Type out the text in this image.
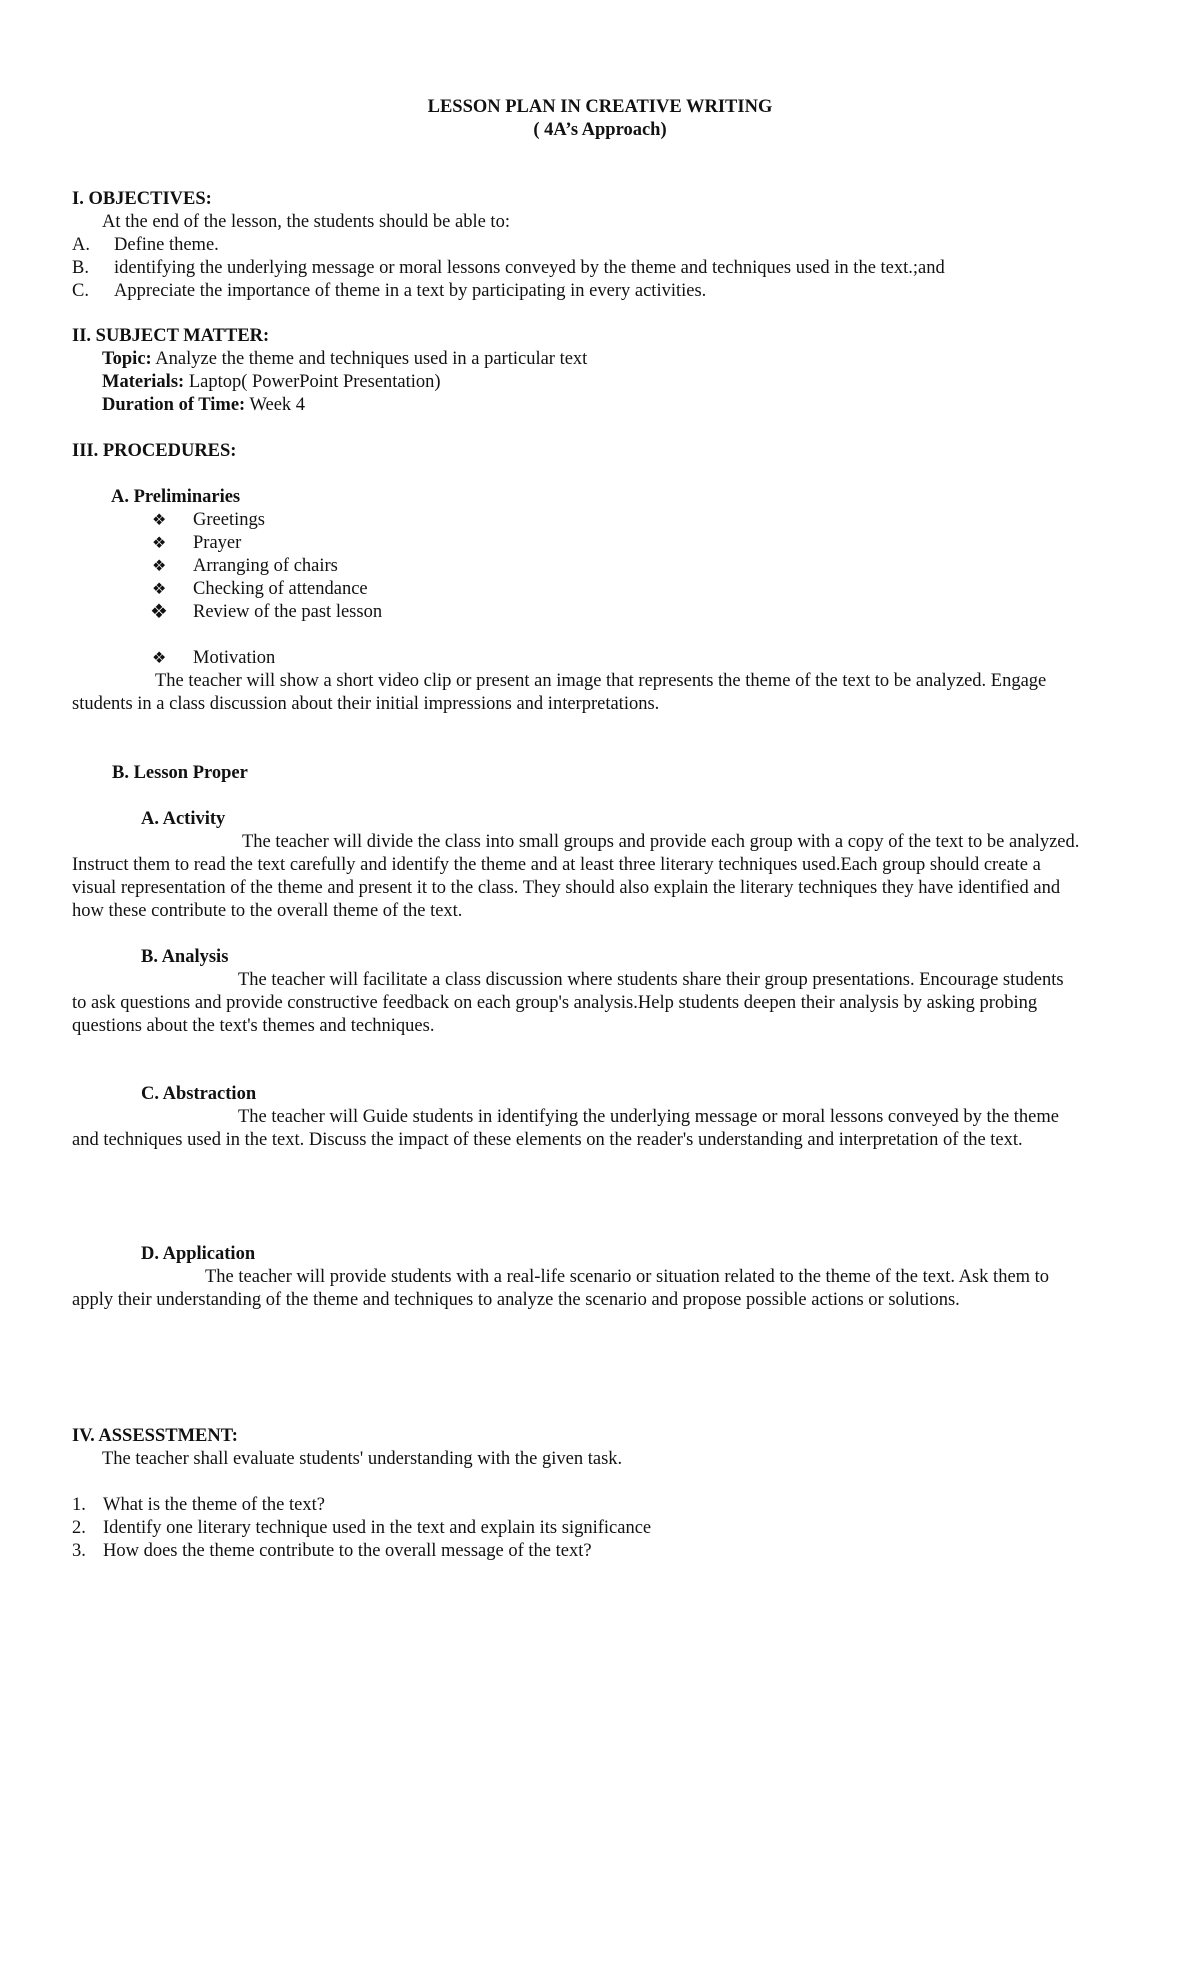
LESSON PLAN IN CREATIVE WRITING
( 4A’s Approach)
I. OBJECTIVES:
At the end of the lesson, the students should be able to:
A. Define theme.
B. identifying the underlying message or moral lessons conveyed by the theme and techniques used in the text.;and
C. Appreciate the importance of theme in a text by participating in every activities.
II. SUBJECT MATTER:
Topic: Analyze the theme and techniques used in a particular text
Materials: Laptop( PowerPoint Presentation)
Duration of Time: Week 4
III. PROCEDURES:
A. Preliminaries
❖ Greetings
❖ Prayer
❖ Arranging of chairs
❖ Checking of attendance
❖ Review of the past lesson
❖ Motivation
The teacher will show a short video clip or present an image that represents the theme of the text to be analyzed. Engage
students in a class discussion about their initial impressions and interpretations.
B. Lesson Proper
A. Activity
The teacher will divide the class into small groups and provide each group with a copy of the text to be analyzed.
Instruct them to read the text carefully and identify the theme and at least three literary techniques used.Each group should create a
visual representation of the theme and present it to the class. They should also explain the literary techniques they have identified and
how these contribute to the overall theme of the text.
B. Analysis
The teacher will facilitate a class discussion where students share their group presentations. Encourage students
to ask questions and provide constructive feedback on each group's analysis.Help students deepen their analysis by asking probing
questions about the text's themes and techniques.
C. Abstraction
The teacher will Guide students in identifying the underlying message or moral lessons conveyed by the theme
and techniques used in the text. Discuss the impact of these elements on the reader's understanding and interpretation of the text.
D. Application
The teacher will provide students with a real-life scenario or situation related to the theme of the text. Ask them to
apply their understanding of the theme and techniques to analyze the scenario and propose possible actions or solutions.
IV. ASSESSTMENT:
The teacher shall evaluate students' understanding with the given task.
1. What is the theme of the text?
2. Identify one literary technique used in the text and explain its significance
3. How does the theme contribute to the overall message of the text?
